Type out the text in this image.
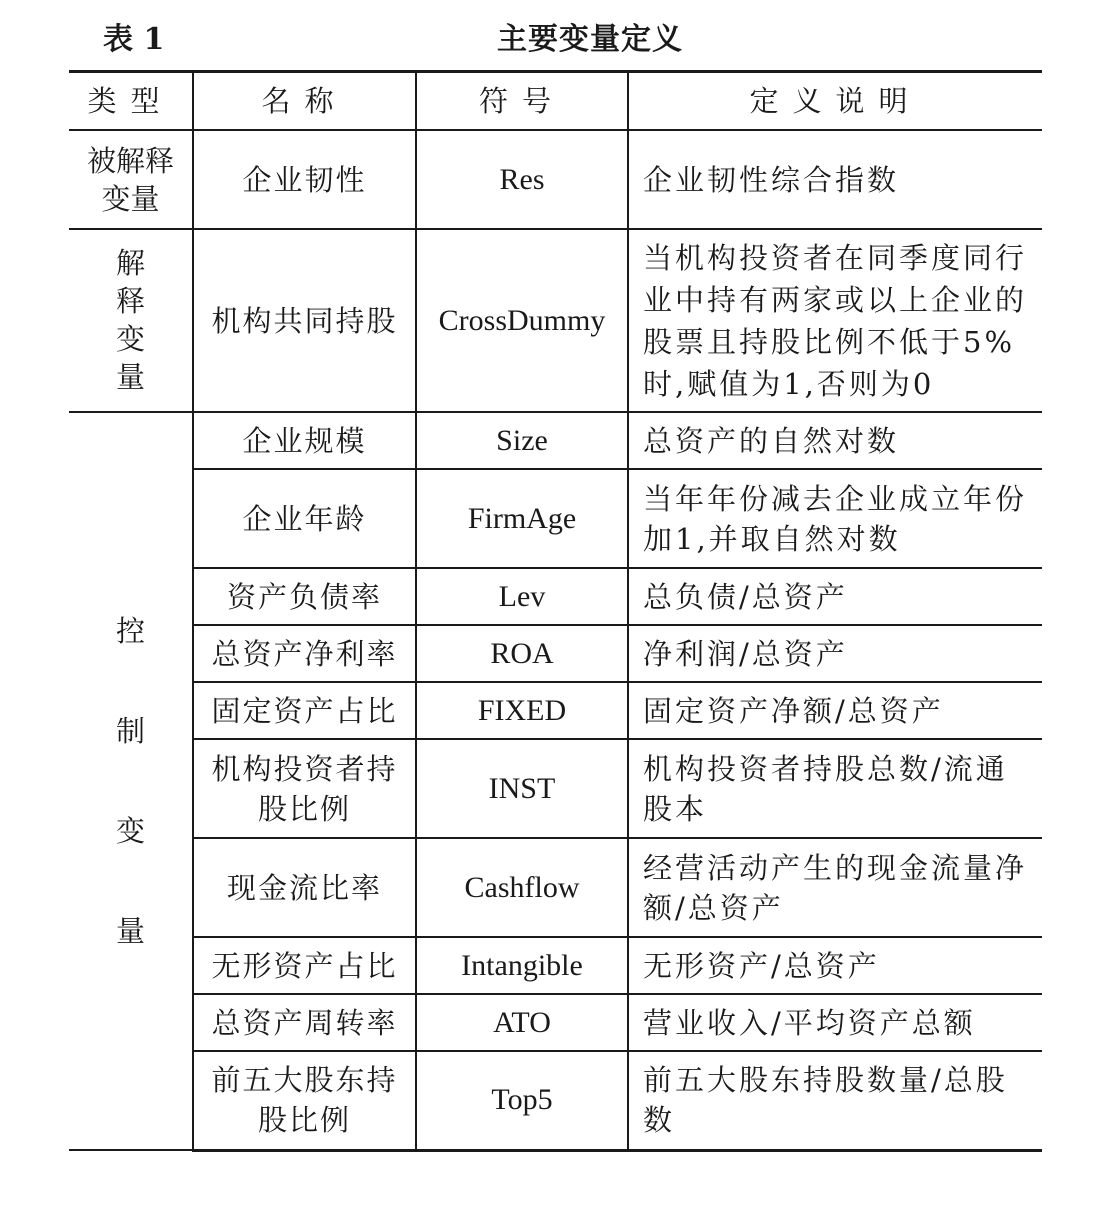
表 1	主要变量定义
类型	名称	符号	定义说明
被解释变量	企业韧性	Res	企业韧性综合指数
解释变量	机构共同持股	CrossDummy	当机构投资者在同季度同行业中持有两家或以上企业的股票且持股比例不低于5%时,赋值为1,否则为0
控制变量	企业规模	Size	总资产的自然对数
	企业年龄	FirmAge	当年年份减去企业成立年份加1,并取自然对数
	资产负债率	Lev	总负债/总资产
	总资产净利率	ROA	净利润/总资产
	固定资产占比	FIXED	固定资产净额/总资产
	机构投资者持股比例	INST	机构投资者持股总数/流通股本
	现金流比率	Cashflow	经营活动产生的现金流量净额/总资产
	无形资产占比	Intangible	无形资产/总资产
	总资产周转率	ATO	营业收入/平均资产总额
	前五大股东持股比例	Top5	前五大股东持股数量/总股数
